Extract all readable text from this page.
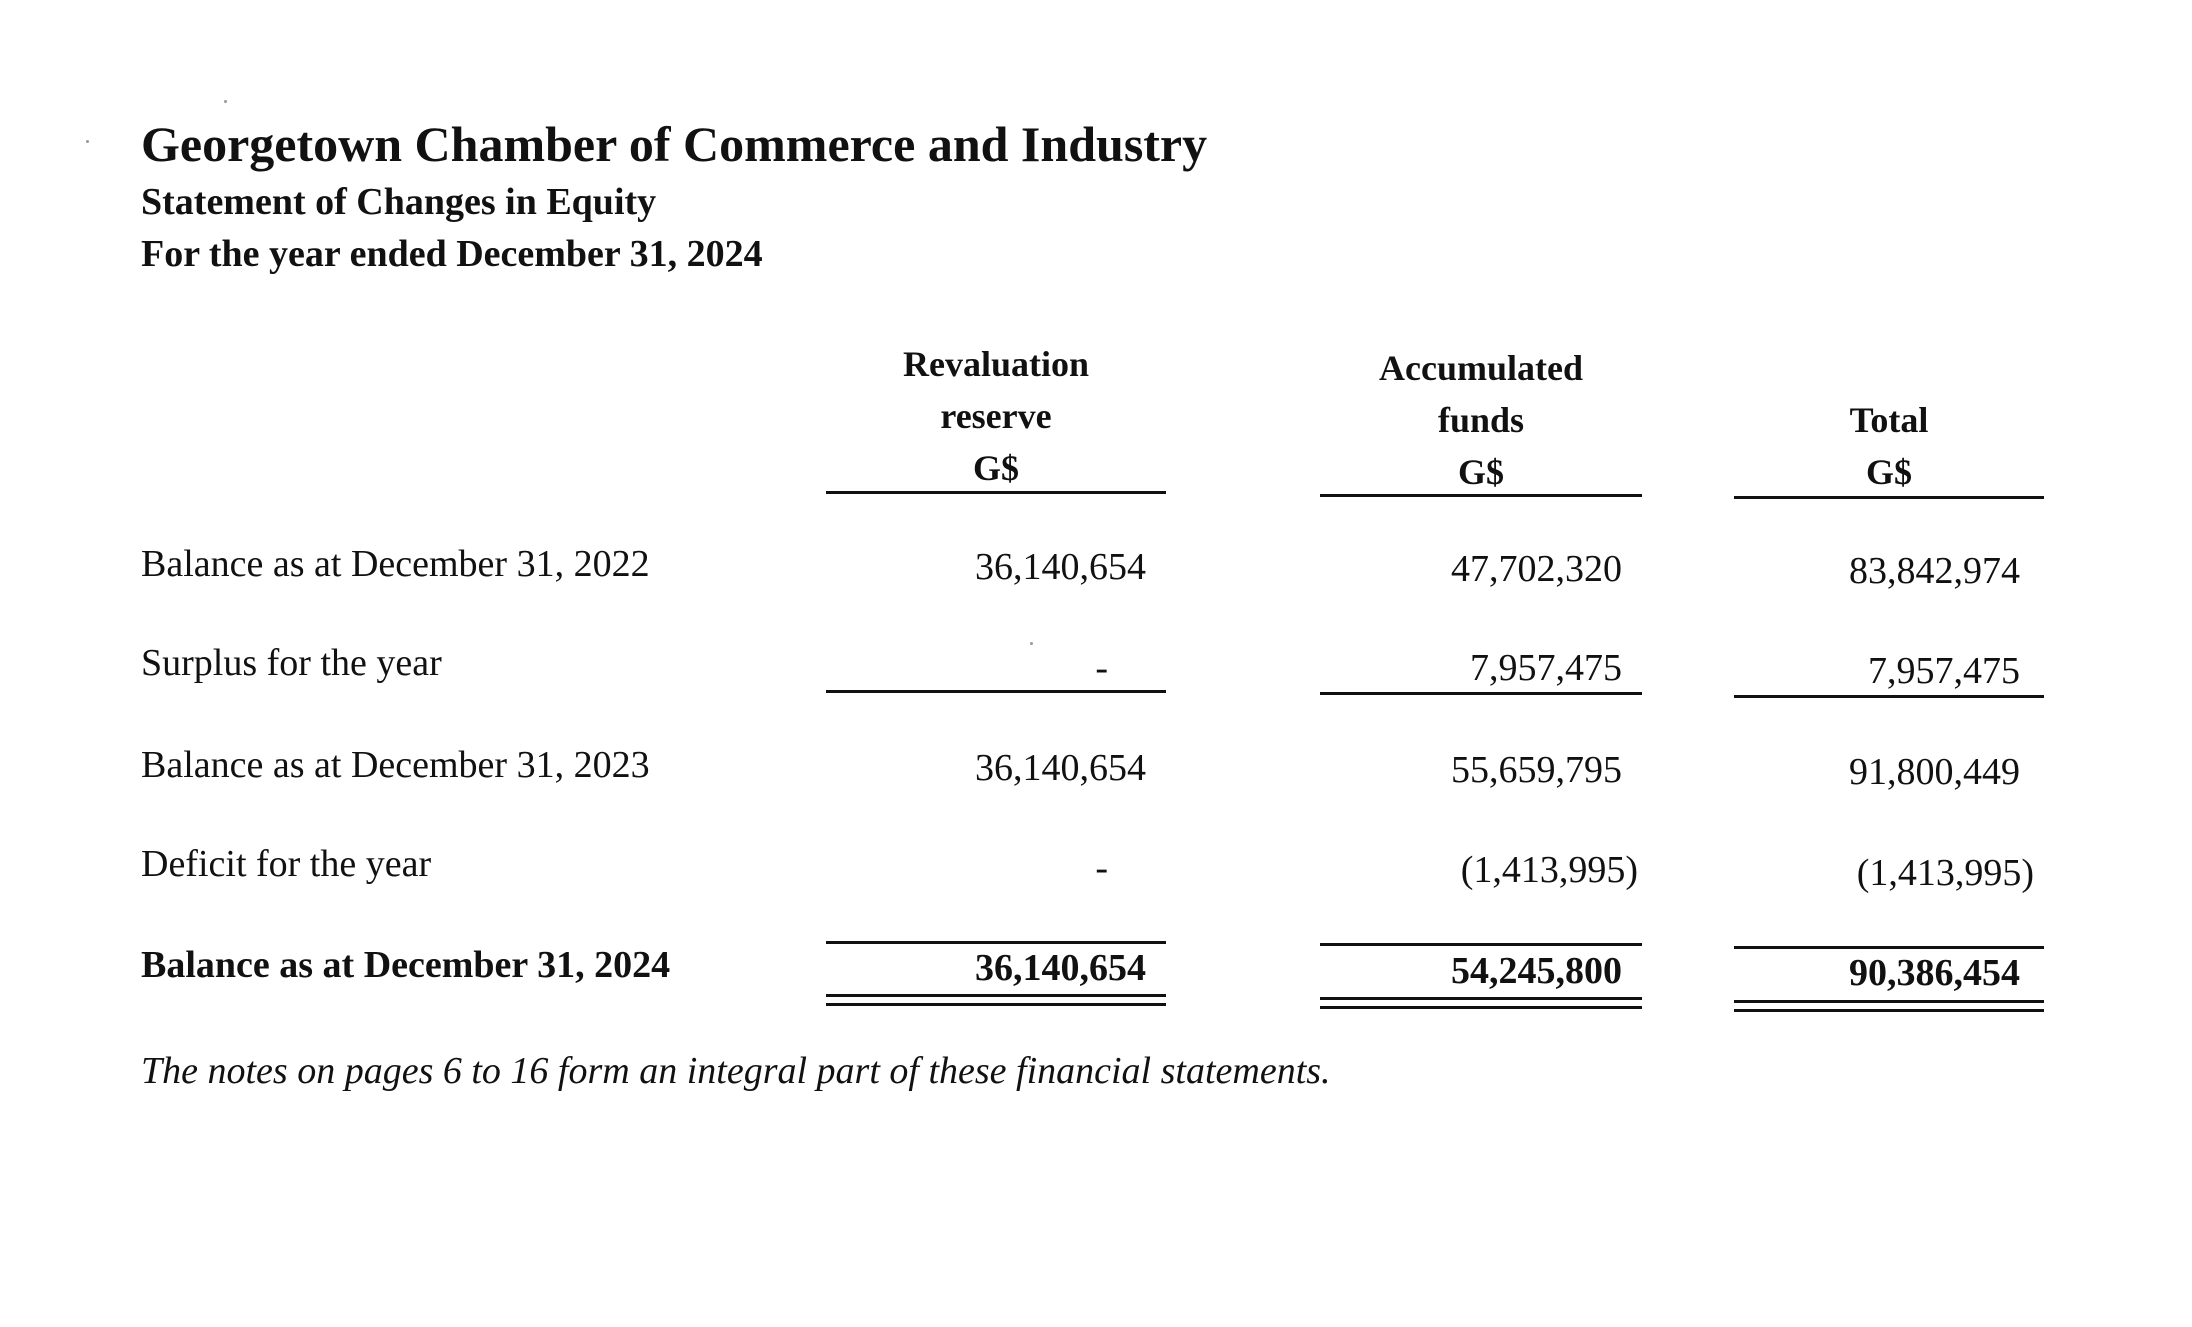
Georgetown Chamber of Commerce and Industry
Statement of Changes in Equity
For the year ended December 31, 2024
Revaluation
reserve
G$
Accumulated
funds
G$
Total
G$
Balance as at December 31, 2022	36,140,654	47,702,320	83,842,974
Surplus for the year	-	7,957,475	7,957,475
Balance as at December 31, 2023	36,140,654	55,659,795	91,800,449
Deficit for the year	-	(1,413,995)	(1,413,995)
Balance as at December 31, 2024	36,140,654	54,245,800	90,386,454
The notes on pages 6 to 16 form an integral part of these financial statements.
